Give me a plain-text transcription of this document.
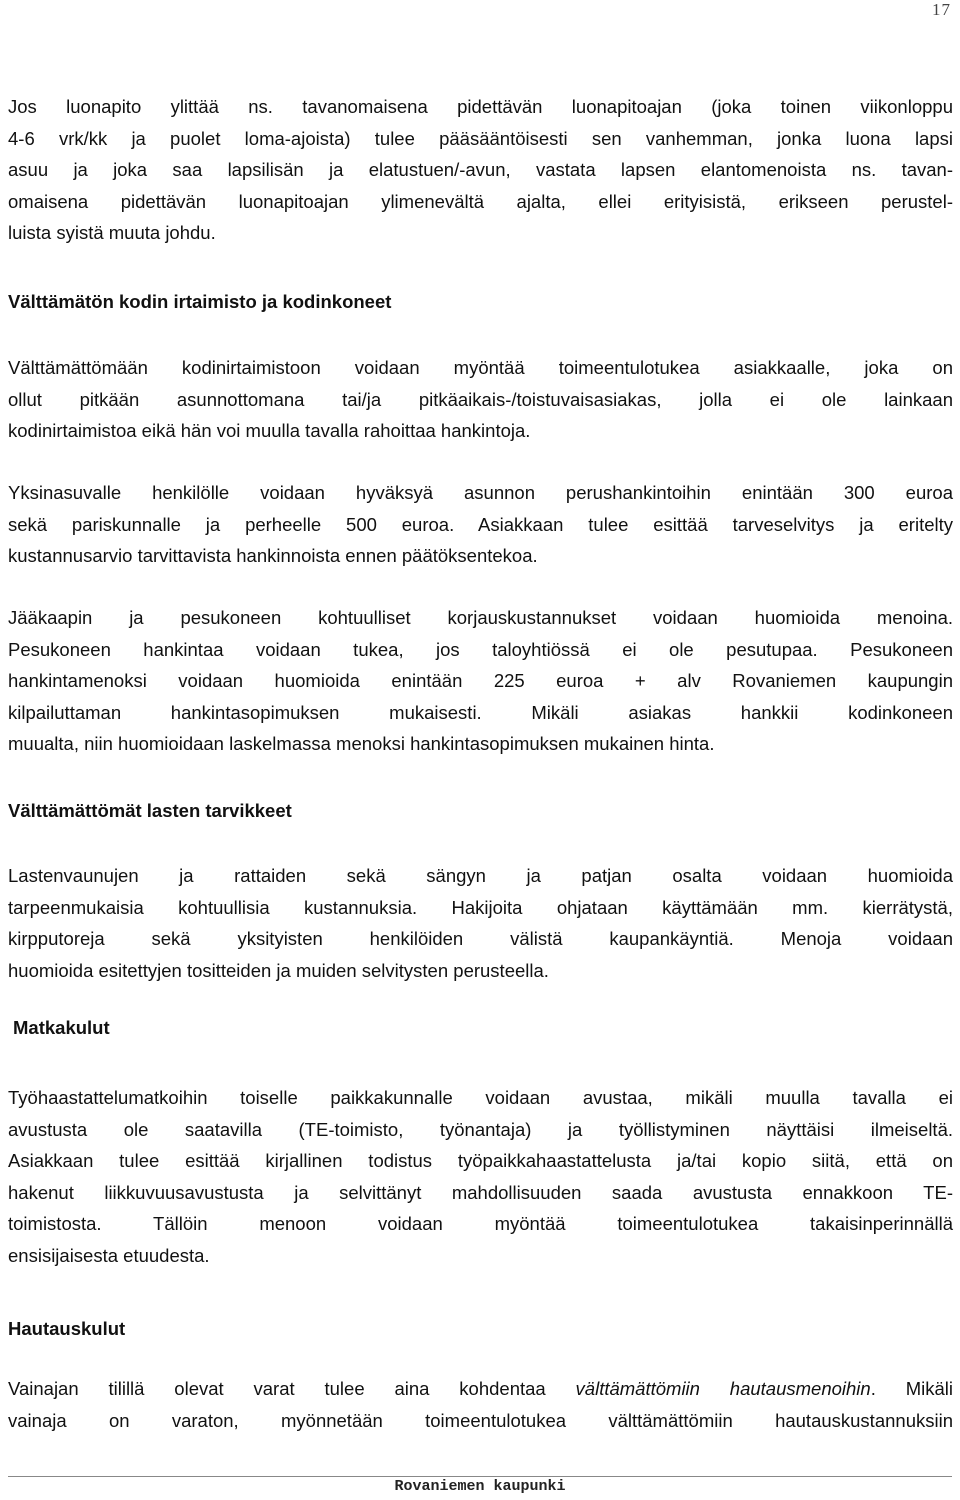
17
Jos luonapito ylittää ns. tavanomaisena pidettävän luonapitoajan (joka toinen viikonloppu
4-6 vrk/kk ja puolet loma-ajoista) tulee pääsääntöisesti sen vanhemman, jonka luona lapsi
asuu ja joka saa lapsilisän ja elatustuen/-avun, vastata lapsen elantomenoista ns. tavan-
omaisena pidettävän luonapitoajan ylimenevältä ajalta, ellei erityisistä, erikseen perustel-
luista syistä muuta johdu.
Välttämätön kodin irtaimisto ja kodinkoneet
Välttämättömään kodinirtaimistoon voidaan myöntää toimeentulotukea asiakkaalle, joka on
ollut pitkään asunnottomana tai/ja pitkäaikais-/toistuvaisasiakas, jolla ei ole lainkaan
kodinirtaimistoa eikä hän voi muulla tavalla rahoittaa hankintoja.
Yksinasuvalle henkilölle voidaan hyväksyä asunnon perushankintoihin enintään 300 euroa
sekä pariskunnalle ja perheelle 500 euroa. Asiakkaan tulee esittää tarveselvitys ja eritelty
kustannusarvio tarvittavista hankinnoista ennen päätöksentekoa.
Jääkaapin ja pesukoneen kohtuulliset korjauskustannukset voidaan huomioida menoina.
Pesukoneen hankintaa voidaan tukea, jos taloyhtiössä ei ole pesutupaa. Pesukoneen
hankintamenoksi voidaan huomioida enintään 225 euroa + alv Rovaniemen kaupungin
kilpailuttaman hankintasopimuksen mukaisesti. Mikäli asiakas hankkii kodinkoneen
muualta, niin huomioidaan laskelmassa menoksi hankintasopimuksen mukainen hinta.
Välttämättömät lasten tarvikkeet
Lastenvaunujen ja rattaiden sekä sängyn ja patjan osalta voidaan huomioida
tarpeenmukaisia kohtuullisia kustannuksia. Hakijoita ohjataan käyttämään mm. kierrätystä,
kirpputoreja sekä yksityisten henkilöiden välistä kaupankäyntiä. Menoja voidaan
huomioida esitettyjen tositteiden ja muiden selvitysten perusteella.
Matkakulut
Työhaastattelumatkoihin toiselle paikkakunnalle voidaan avustaa, mikäli muulla tavalla ei
avustusta ole saatavilla (TE-toimisto, työnantaja) ja työllistyminen näyttäisi ilmeiseltä.
Asiakkaan tulee esittää kirjallinen todistus työpaikkahaastattelusta ja/tai kopio siitä, että on
hakenut liikkuvuusavustusta ja selvittänyt mahdollisuuden saada avustusta ennakkoon TE-
toimistosta. Tällöin menoon voidaan myöntää toimeentulotukea takaisinperinnällä
ensisijaisesta etuudesta.
Hautauskulut
Vainajan tilillä olevat varat tulee aina kohdentaa välttämättömiin hautausmenoihin. Mikäli
vainaja on varaton, myönnetään toimeentulotukea välttämättömiin hautauskustannuksiin
Rovaniemen kaupunki
